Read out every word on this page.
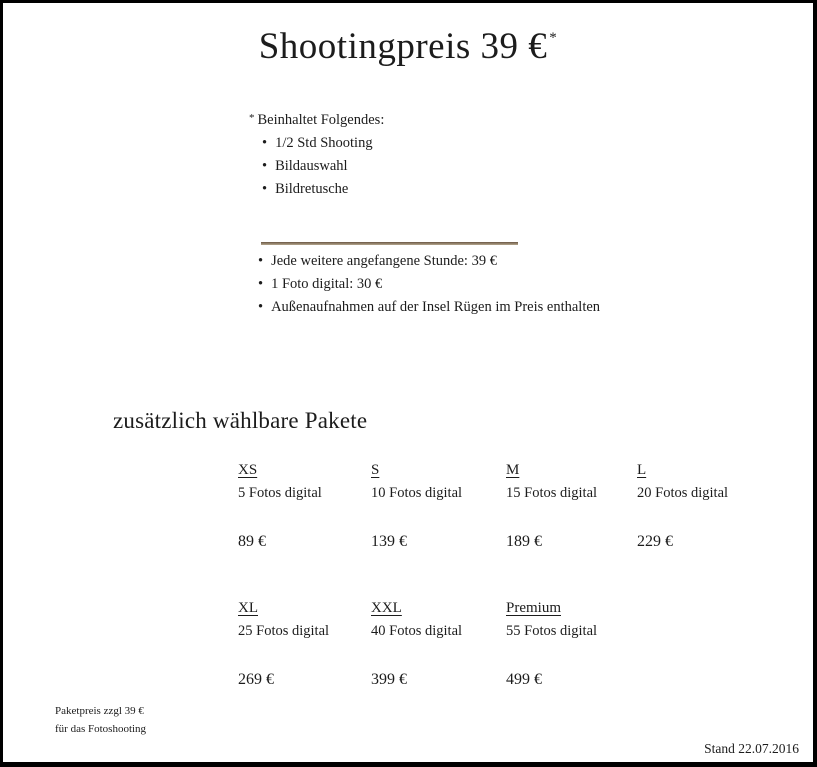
Shootingpreis 39 € *
* Beinhaltet Folgendes:
• 1/2 Std Shooting
• Bildauswahl
• Bildretusche
• Jede weitere angefangene Stunde: 39 €
• 1 Foto digital: 30 €
• Außenaufnahmen auf der Insel Rügen im Preis enthalten
zusätzlich wählbare Pakete
XS
5 Fotos digital
89 €
S
10 Fotos digital
139 €
M
15 Fotos digital
189 €
L
20 Fotos digital
229 €
XL
25 Fotos digital
269 €
XXL
40 Fotos digital
399 €
Premium
55 Fotos digital
499 €
Paketpreis zzgl 39 €
für das Fotoshooting
Stand 22.07.2016
